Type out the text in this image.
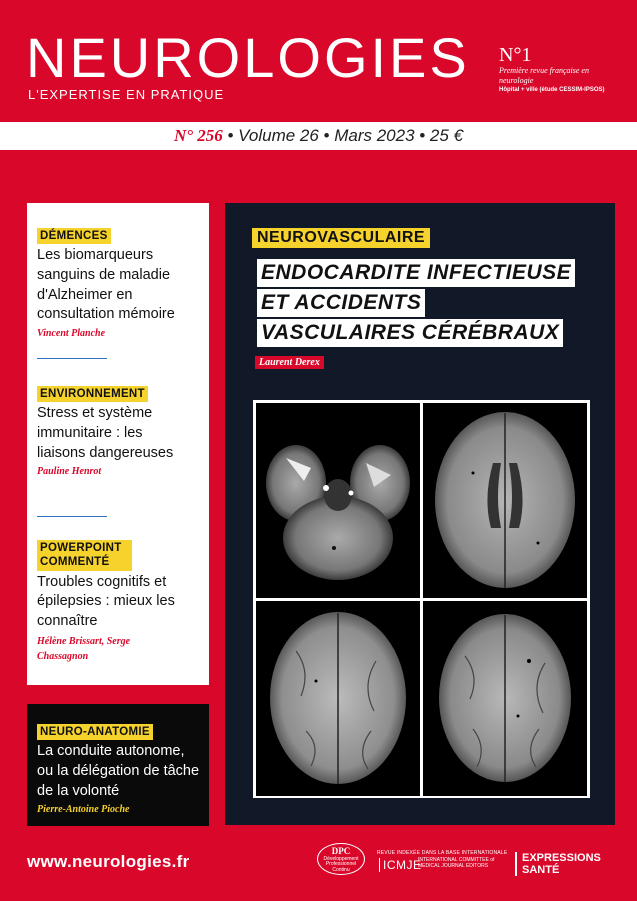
NEUROLOGIES
L'EXPERTISE EN PRATIQUE
N°1
Première revue française en neurologie
Hôpital + ville (étude CESSIM-IPSOS)
N° 256 • Volume 26 • Mars 2023 • 25 €
DÉMENCES
Les biomarqueurs sanguins de maladie d'Alzheimer en consultation mémoire
Vincent Planche
ENVIRONNEMENT
Stress et système immunitaire : les liaisons dangereuses
Pauline Henrot
POWERPOINT COMMENTÉ
Troubles cognitifs et épilepsies : mieux les connaître
Hélène Brissart, Serge Chassagnon
NEURO-ANATOMIE
La conduite autonome, ou la délégation de tâche de la volonté
Pierre-Antoine Pioche
NEUROVASCULAIRE
ENDOCARDITE INFECTIEUSE
ET ACCIDENTS
VASCULAIRES CÉRÉBRAUX
Laurent Derex
www.neurologies.fr
DPC
Développement Professionnel Continu
REVUE INDEXÉE DANS LA BASE INTERNATIONALE
ICMJE
INTERNATIONAL COMMITTEE of MEDICAL JOURNAL EDITORS
EXPRESSIONS
SANTÉ
